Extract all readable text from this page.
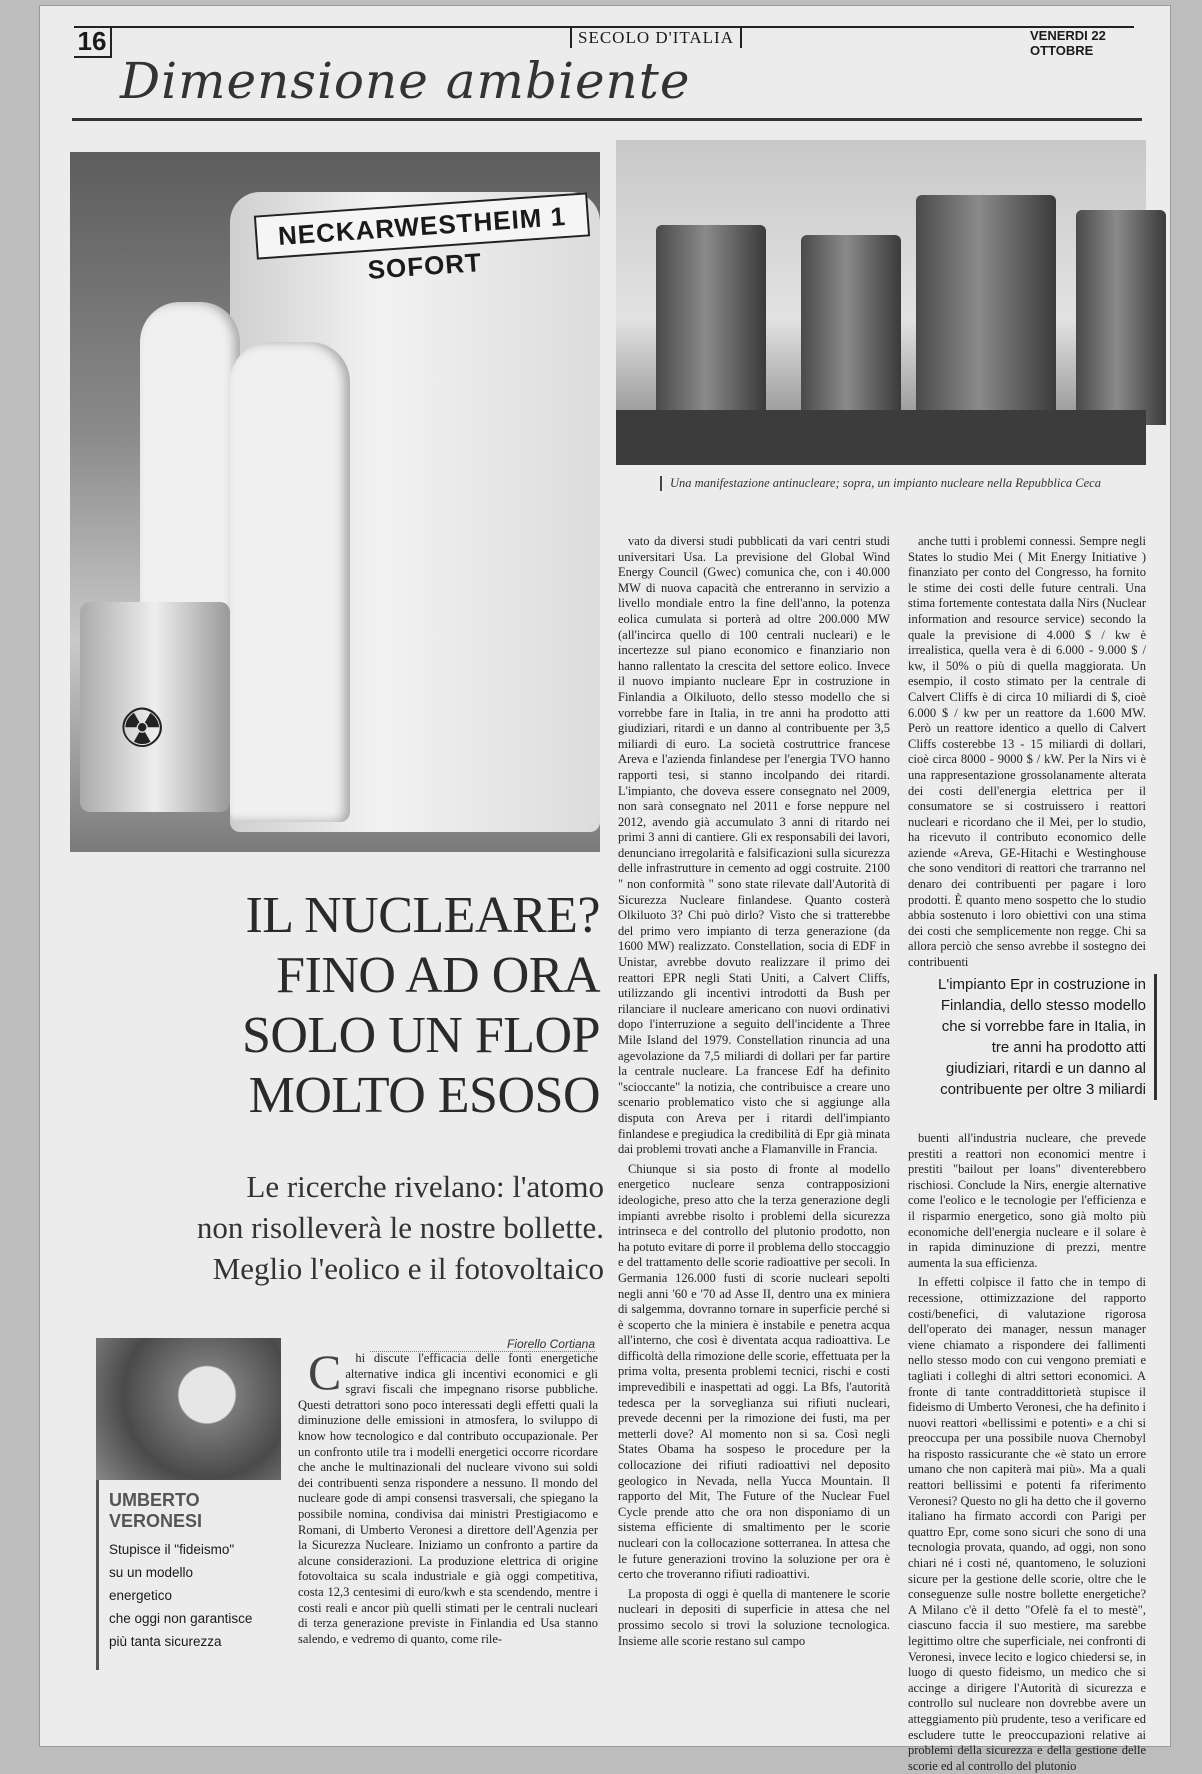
16	SECOLO D'ITALIA	VENERDI 22 OTTOBRE
Dimensione ambiente
NECKARWESTHEIM 1 SOFORT
☢
Una manifestazione antinucleare; sopra, un impianto nucleare nella Repubblica Ceca
IL NUCLEARE?
FINO AD ORA
SOLO UN FLOP
MOLTO ESOSO
Le ricerche rivelano: l'atomo
non risolleverà le nostre bollette.
Meglio l'eolico e il fotovoltaico
Fiorello Cortiana
UMBERTO VERONESI
Stupisce il "fideismo"
su un modello
energetico
che oggi non garantisce
più tanta sicurezza

Chi discute l'efficacia delle fonti energetiche alternative indica gli incentivi economici e gli sgravi fiscali che impegnano risorse pubbliche. Questi detrattori sono poco interessati degli effetti quali la diminuzione delle emissioni in atmosfera, lo sviluppo di know how tecnologico e dal contributo occupazionale. Per un confronto utile tra i modelli energetici occorre ricordare che anche le multinazionali del nucleare vivono sui soldi dei contribuenti senza rispondere a nessuno. Il mondo del nucleare gode di ampi consensi trasversali, che spiegano la possibile nomina, condivisa dai ministri Prestigiacomo e Romani, di Umberto Veronesi a direttore dell'Agenzia per la Sicurezza Nucleare. Iniziamo un confronto a partire da alcune considerazioni. La produzione elettrica di origine fotovoltaica su scala industriale e già oggi competitiva, costa 12,3 centesimi di euro/kwh e sta scendendo, mentre i costi reali e ancor più quelli stimati per le centrali nucleari di terza generazione previste in Finlandia ed Usa stanno salendo, e vedremo di quanto, come rile-

vato da diversi studi pubblicati da vari centri studi universitari Usa. La previsione del Global Wind Energy Council (Gwec) comunica che, con i 40.000 MW di nuova capacità che entreranno in servizio a livello mondiale entro la fine dell'anno, la potenza eolica cumulata si porterà ad oltre 200.000 MW (all'incirca quello di 100 centrali nucleari) e le incertezze sul piano economico e finanziario non hanno rallentato la crescita del settore eolico. Invece il nuovo impianto nucleare Epr in costruzione in Finlandia a Olkiluoto, dello stesso modello che si vorrebbe fare in Italia, in tre anni ha prodotto atti giudiziari, ritardi e un danno al contribuente per 3,5 miliardi di euro. La società costruttrice francese Areva e l'azienda finlandese per l'energia TVO hanno rapporti tesi, si stanno incolpando dei ritardi. L'impianto, che doveva essere consegnato nel 2009, non sarà consegnato nel 2011 e forse neppure nel 2012, avendo già accumulato 3 anni di ritardo nei primi 3 anni di cantiere. Gli ex responsabili dei lavori, denunciano irregolarità e falsificazioni sulla sicurezza delle infrastrutture in cemento ad oggi costruite. 2100 " non conformità " sono state rilevate dall'Autorità di Sicurezza Nucleare finlandese. Quanto costerà Olkiluoto 3? Chi può dirlo? Visto che si tratterebbe del primo vero impianto di terza generazione (da 1600 MW) realizzato. Constellation, socia di EDF in Unistar, avrebbe dovuto realizzare il primo dei reattori EPR negli Stati Uniti, a Calvert Cliffs, utilizzando gli incentivi introdotti da Bush per rilanciare il nucleare americano con nuovi ordinativi dopo l'interruzione a seguito dell'incidente a Three Mile Island del 1979. Constellation rinuncia ad una agevolazione da 7,5 miliardi di dollari per far partire la centrale nucleare. La francese Edf ha definito "scioccante" la notizia, che contribuisce a creare uno scenario problematico visto che si aggiunge alla disputa con Areva per i ritardi dell'impianto finlandese e pregiudica la credibilità di Epr già minata dai problemi trovati anche a Flamanville in Francia.

Chiunque si sia posto di fronte al modello energetico nucleare senza contrapposizioni ideologiche, preso atto che la terza generazione degli impianti avrebbe risolto i problemi della sicurezza intrinseca e del controllo del plutonio prodotto, non ha potuto evitare di porre il problema dello stoccaggio e del trattamento delle scorie radioattive per secoli. In Germania 126.000 fusti di scorie nucleari sepolti negli anni '60 e '70 ad Asse II, dentro una ex miniera di salgemma, dovranno tornare in superficie perché si è scoperto che la miniera è instabile e penetra acqua all'interno, che così è diventata acqua radioattiva. Le difficoltà della rimozione delle scorie, effettuata per la prima volta, presenta problemi tecnici, rischi e costi imprevedibili e inaspettati ad oggi. La Bfs, l'autorità tedesca per la sorveglianza sui rifiuti nucleari, prevede decenni per la rimozione dei fusti, ma per metterli dove? Al momento non si sa. Così negli States Obama ha sospeso le procedure per la collocazione dei rifiuti radioattivi nel deposito geologico in Nevada, nella Yucca Mountain. Il rapporto del Mit, The Future of the Nuclear Fuel Cycle prende atto che ora non disponiamo di un sistema efficiente di smaltimento per le scorie nucleari con la collocazione sotterranea. In attesa che le future generazioni trovino la soluzione per ora è certo che troveranno rifiuti radioattivi.

La proposta di oggi è quella di mantenere le scorie nucleari in depositi di superficie in attesa che nel prossimo secolo si trovi la soluzione tecnologica. Insieme alle scorie restano sul campo

anche tutti i problemi connessi. Sempre negli States lo studio Mei ( Mit Energy Initiative ) finanziato per conto del Congresso, ha fornito le stime dei costi delle future centrali. Una stima fortemente contestata dalla Nirs (Nuclear information and resource service) secondo la quale la previsione di 4.000 $ / kw è irrealistica, quella vera è di 6.000 - 9.000 $ / kw, il 50% o più di quella maggiorata. Un esempio, il costo stimato per la centrale di Calvert Cliffs è di circa 10 miliardi di $, cioè 6.000 $ / kw per un reattore da 1.600 MW. Però un reattore identico a quello di Calvert Cliffs costerebbe 13 - 15 miliardi di dollari, cioè circa 8000 - 9000 $ / kW. Per la Nirs vi è una rappresentazione grossolanamente alterata dei costi dell'energia elettrica per il consumatore se si costruissero i reattori nucleari e ricordano che il Mei, per lo studio, ha ricevuto il contributo economico delle aziende «Areva, GE-Hitachi e Westinghouse che sono venditori di reattori che trarranno nel denaro dei contribuenti per pagare i loro prodotti. È quanto meno sospetto che lo studio abbia sostenuto i loro obiettivi con una stima dei costi che semplicemente non regge. Chi sa allora perciò che senso avrebbe il sostegno dei contribuenti

L'impianto Epr in costruzione in Finlandia, dello stesso modello che si vorrebbe fare in Italia, in tre anni ha prodotto atti giudiziari, ritardi e un danno al contribuente per oltre 3 miliardi

buenti all'industria nucleare, che prevede prestiti a reattori non economici mentre i prestiti "bailout per loans" diventerebbero rischiosi. Conclude la Nirs, energie alternative come l'eolico e le tecnologie per l'efficienza e il risparmio energetico, sono già molto più economiche dell'energia nucleare e il solare è in rapida diminuzione di prezzi, mentre aumenta la sua efficienza.

In effetti colpisce il fatto che in tempo di recessione, ottimizzazione del rapporto costi/benefici, di valutazione rigorosa dell'operato dei manager, nessun manager viene chiamato a rispondere dei fallimenti nello stesso modo con cui vengono premiati e tagliati i colleghi di altri settori economici. A fronte di tante contraddittorietà stupisce il fideismo di Umberto Veronesi, che ha definito i nuovi reattori «bellissimi e potenti» e a chi si preoccupa per una possibile nuova Chernobyl ha risposto rassicurante che «è stato un errore umano che non capiterà mai più». Ma a quali reattori bellissimi e potenti fa riferimento Veronesi? Questo no gli ha detto che il governo italiano ha firmato accordi con Parigi per quattro Epr, come sono sicuri che sono di una tecnologia provata, quando, ad oggi, non sono chiari né i costi né, quantomeno, le soluzioni sicure per la gestione delle scorie, oltre che le conseguenze sulle nostre bollette energetiche? A Milano c'è il detto "Ofelè fa el to mestè", ciascuno faccia il suo mestiere, ma sarebbe legittimo oltre che superficiale, nei confronti di Veronesi, invece lecito e logico chiedersi se, in luogo di questo fideismo, un medico che si accinge a dirigere l'Autorità di sicurezza e controllo sul nucleare non dovrebbe avere un atteggiamento più prudente, teso a verificare ed escludere tutte le preoccupazioni relative ai problemi della sicurezza e della gestione delle scorie ed al controllo del plutonio
